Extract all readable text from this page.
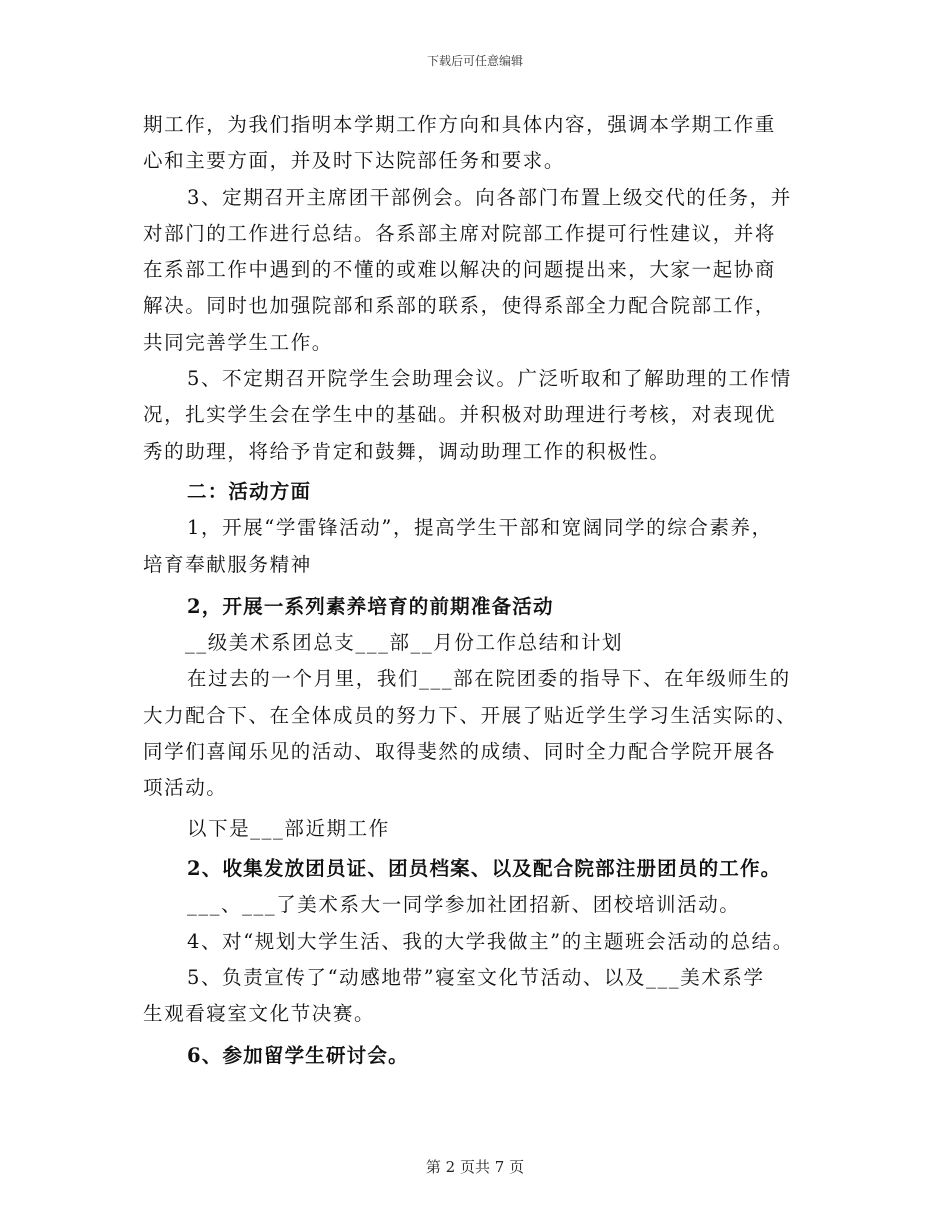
下载后可任意编辑
期工作，为我们指明本学期工作方向和具体内容，强调本学期工作重
心和主要方面，并及时下达院部任务和要求。
3、定期召开主席团干部例会。向各部门布置上级交代的任务，并
对部门的工作进行总结。各系部主席对院部工作提可行性建议，并将
在系部工作中遇到的不懂的或难以解决的问题提出来，大家一起协商
解决。同时也加强院部和系部的联系，使得系部全力配合院部工作，
共同完善学生工作。
5、不定期召开院学生会助理会议。广泛听取和了解助理的工作情
况，扎实学生会在学生中的基础。并积极对助理进行考核，对表现优
秀的助理，将给予肯定和鼓舞，调动助理工作的积极性。
二：活动方面
1，开展“学雷锋活动”，提高学生干部和宽阔同学的综合素养，
培育奉献服务精神
2，开展一系列素养培育的前期准备活动
__级美术系团总支___部__月份工作总结和计划
在过去的一个月里，我们___部在院团委的指导下、在年级师生的
大力配合下、在全体成员的努力下、开展了贴近学生学习生活实际的、
同学们喜闻乐见的活动、取得斐然的成绩、同时全力配合学院开展各
项活动。
以下是___部近期工作
2、收集发放团员证、团员档案、以及配合院部注册团员的工作。
___、___了美术系大一同学参加社团招新、团校培训活动。
4、对“规划大学生活、我的大学我做主”的主题班会活动的总结。
5、负责宣传了“动感地带”寝室文化节活动、以及___美术系学
生观看寝室文化节决赛。
6、参加留学生研讨会。
第 2 页共 7 页
